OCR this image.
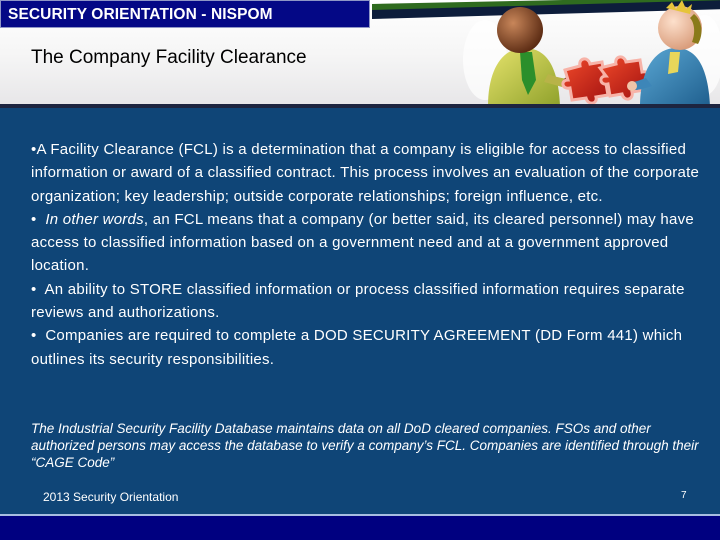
SECURITY ORIENTATION - NISPOM
The Company Facility Clearance

•A Facility Clearance (FCL) is a determination that a company is eligible for access to classified information or award of a classified contract. This process involves an evaluation of the corporate organization; key leadership; outside corporate relationships; foreign influence, etc.

•  In other words, an FCL means that a company (or better said, its cleared personnel) may have access to classified information based on a government need and at a government approved location.

•  An ability to STORE classified information or process classified information requires separate reviews and authorizations.

•  Companies are required to complete a DOD SECURITY AGREEMENT (DD Form 441) which outlines its security responsibilities.

The Industrial Security Facility Database maintains data on all DoD cleared companies. FSOs and other authorized persons may access the database to verify a company’s FCL. Companies are identified through their “CAGE Code”
2013 Security Orientation	7
